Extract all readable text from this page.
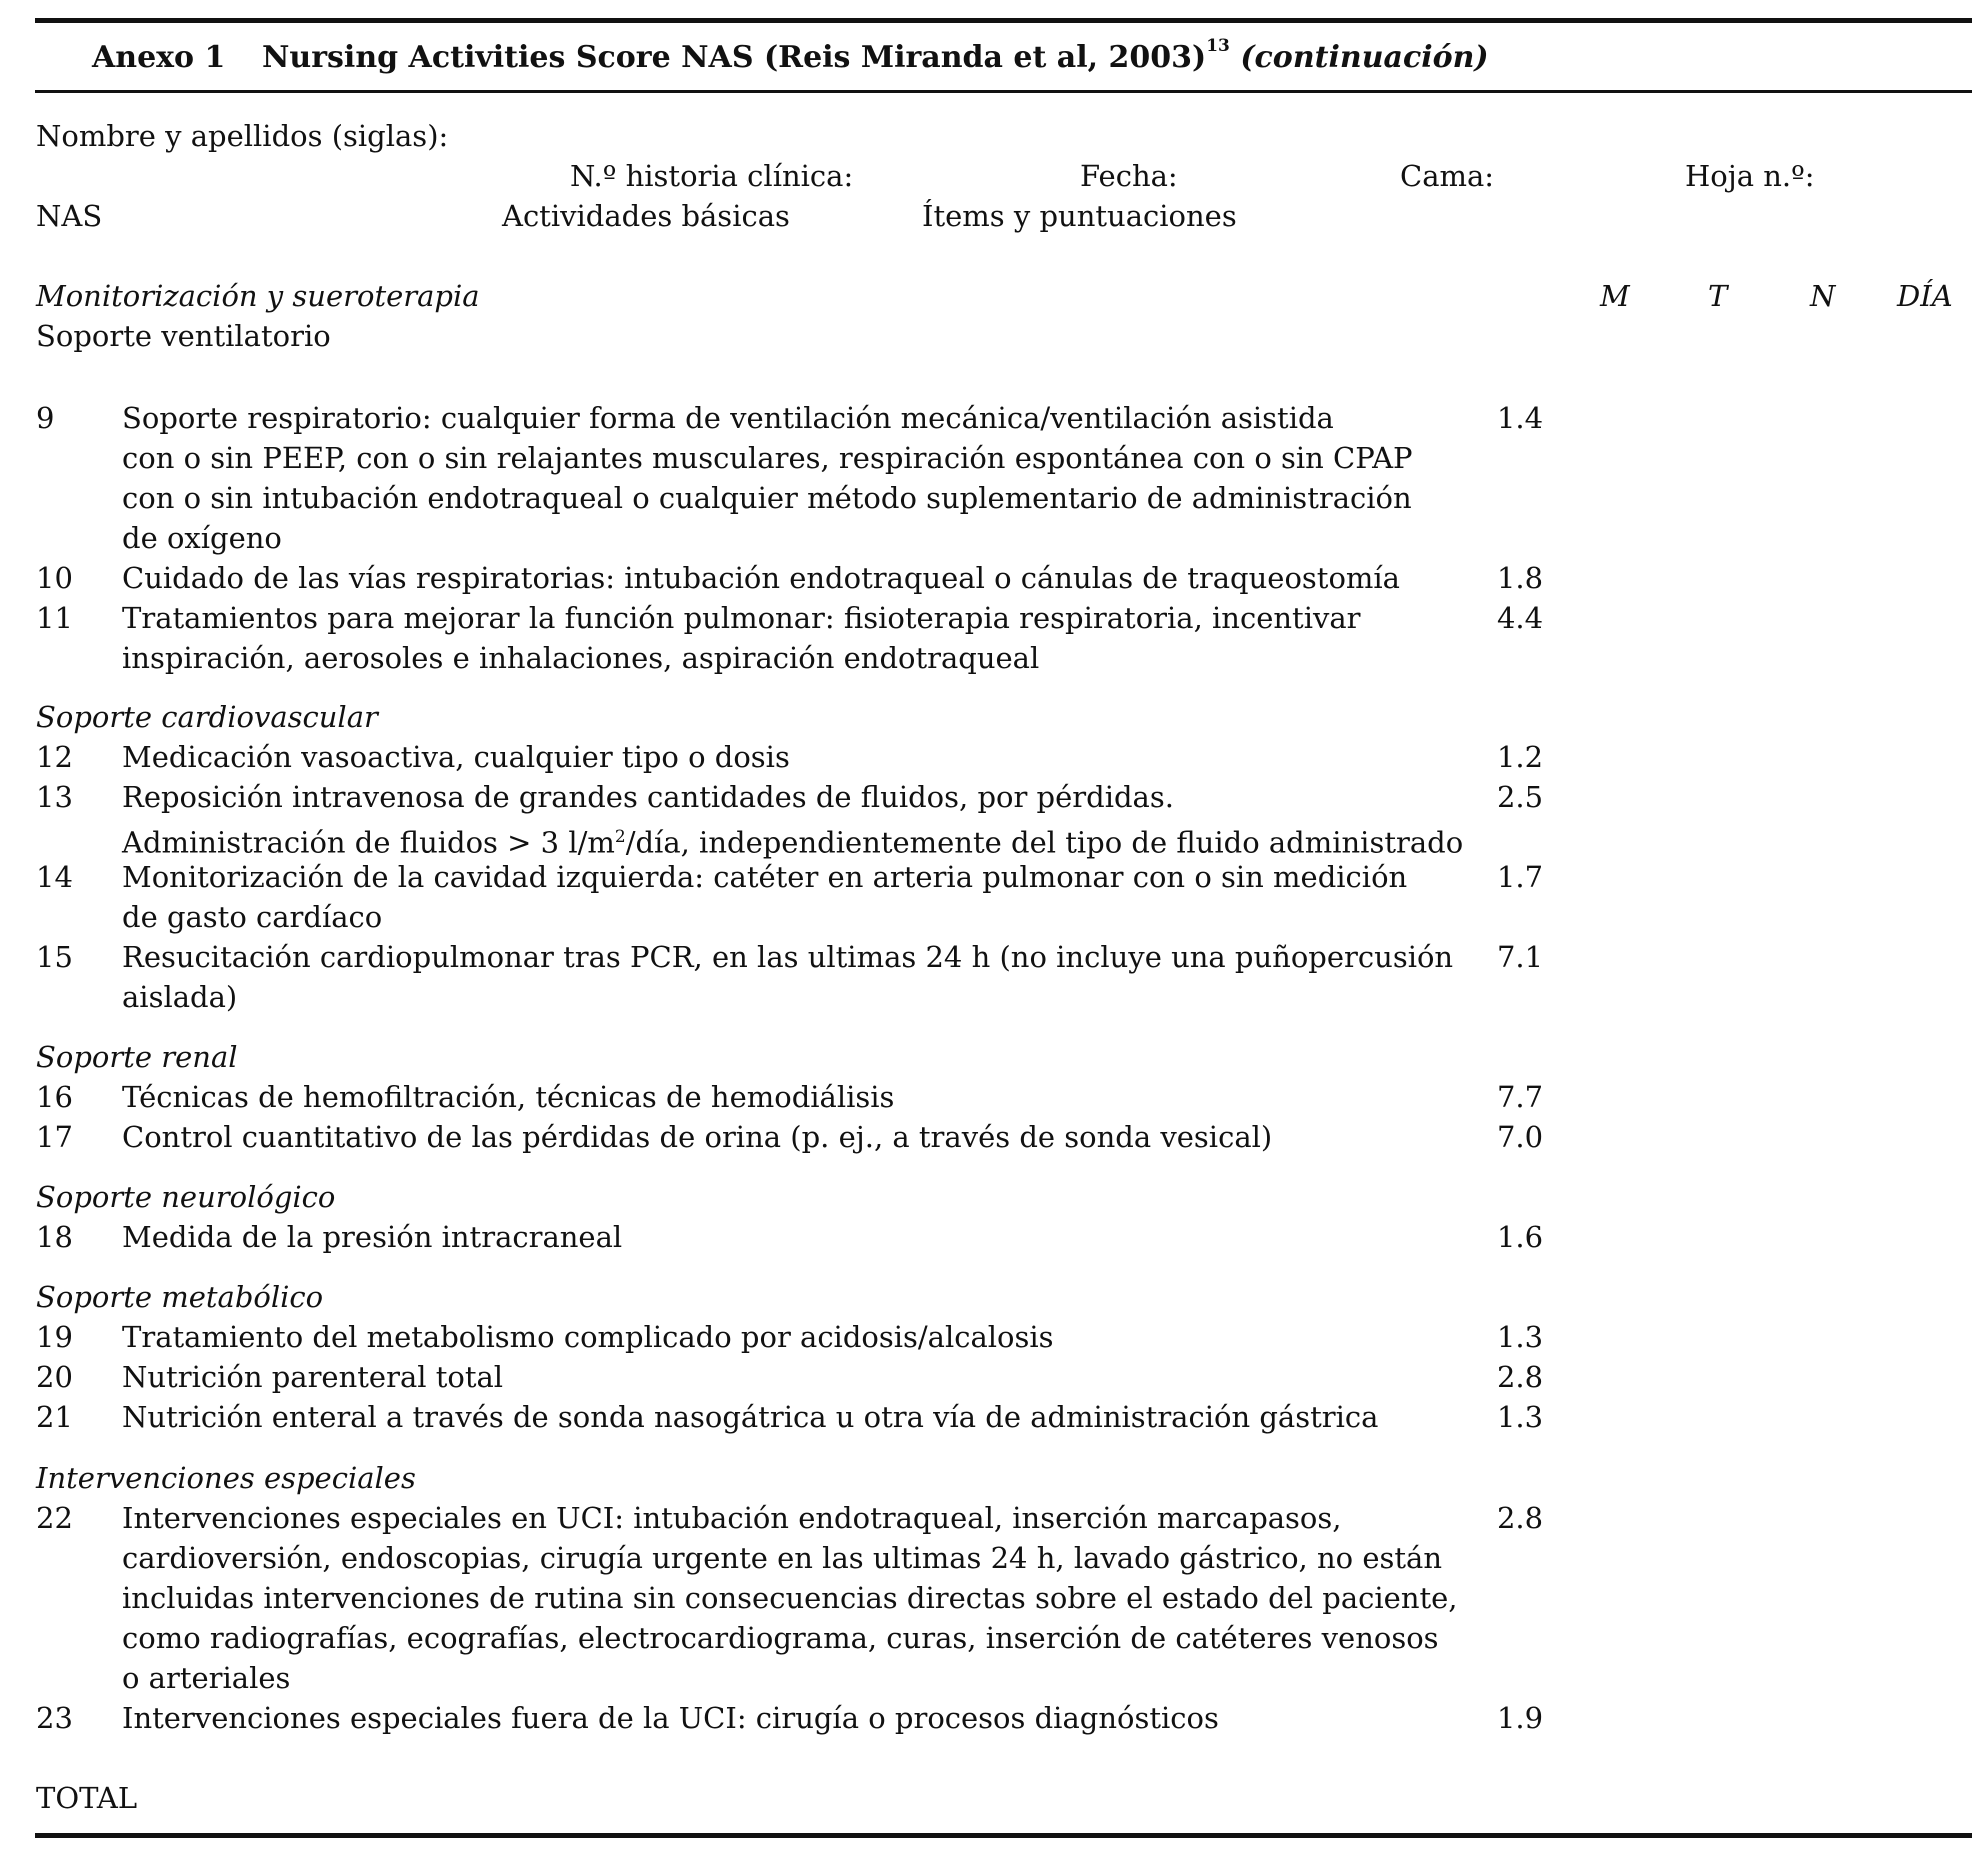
Anexo 1 Nursing Activities Score NAS (Reis Miranda et al, 2003)$^{13}$ (continuación)
Nombre y apellidos (siglas):
N.º historia clínica:	Fecha:	Cama:	Hoja n.º:
NAS	Actividades básicas	Ítems y puntuaciones
Monitorización y sueroterapia	M	T	N DÍA
Soporte ventilatorio
9	Soporte respiratorio: cualquier forma de ventilación mecánica/ventilación asistida
con o sin PEEP, con o sin relajantes musculares, respiración espontánea con o sin CPAP
con o sin intubación endotraqueal o cualquier método suplementario de administración
de oxígeno
1.4
10	Cuidado de las vías respiratorias: intubación endotraqueal o cánulas de traqueostomía	1.8
11	Tratamientos para mejorar la función pulmonar: fisioterapia respiratoria, incentivar
inspiración, aerosoles e inhalaciones, aspiración endotraqueal
4.4
Soporte cardiovascular
12	Medicación vasoactiva, cualquier tipo o dosis	1.2
13	Reposición intravenosa de grandes cantidades de fluidos, por pérdidas.
Administración de fluidos > 3 $l/m^2$/día, independientemente del tipo de fluido administrado
2.5
14	Monitorización de la cavidad izquierda: catéter en arteria pulmonar con o sin medición
de gasto cardíaco
1.7
15	Resucitación cardiopulmonar tras PCR, en las ultimas 24 h (no incluye una puñopercusión
aislada)
7.1
Soporte renal
16	Técnicas de hemofiltración, técnicas de hemodiálisis	7.7
17	Control cuantitativo de las pérdidas de orina (p. ej., a través de sonda vesical)	7.0
Soporte neurológico
18	Medida de la presión intracraneal	1.6
Soporte metabólico
19	Tratamiento del metabolismo complicado por acidosis/alcalosis	1.3
20	Nutrición parenteral total	2.8
21	Nutrición enteral a través de sonda nasogátrica u otra vía de administración gástrica	1.3
Intervenciones especiales
22	Intervenciones especiales en UCI: intubación endotraqueal, inserción marcapasos,
cardioversión, endoscopias, cirugía urgente en las ultimas 24 h, lavado gástrico, no están
incluidas intervenciones de rutina sin consecuencias directas sobre el estado del paciente,
como radiografías, ecografías, electrocardiograma, curas, inserción de catéteres venosos
o arteriales
2.8
23	Intervenciones especiales fuera de la UCI: cirugía o procesos diagnósticos	1.9
TOTAL
